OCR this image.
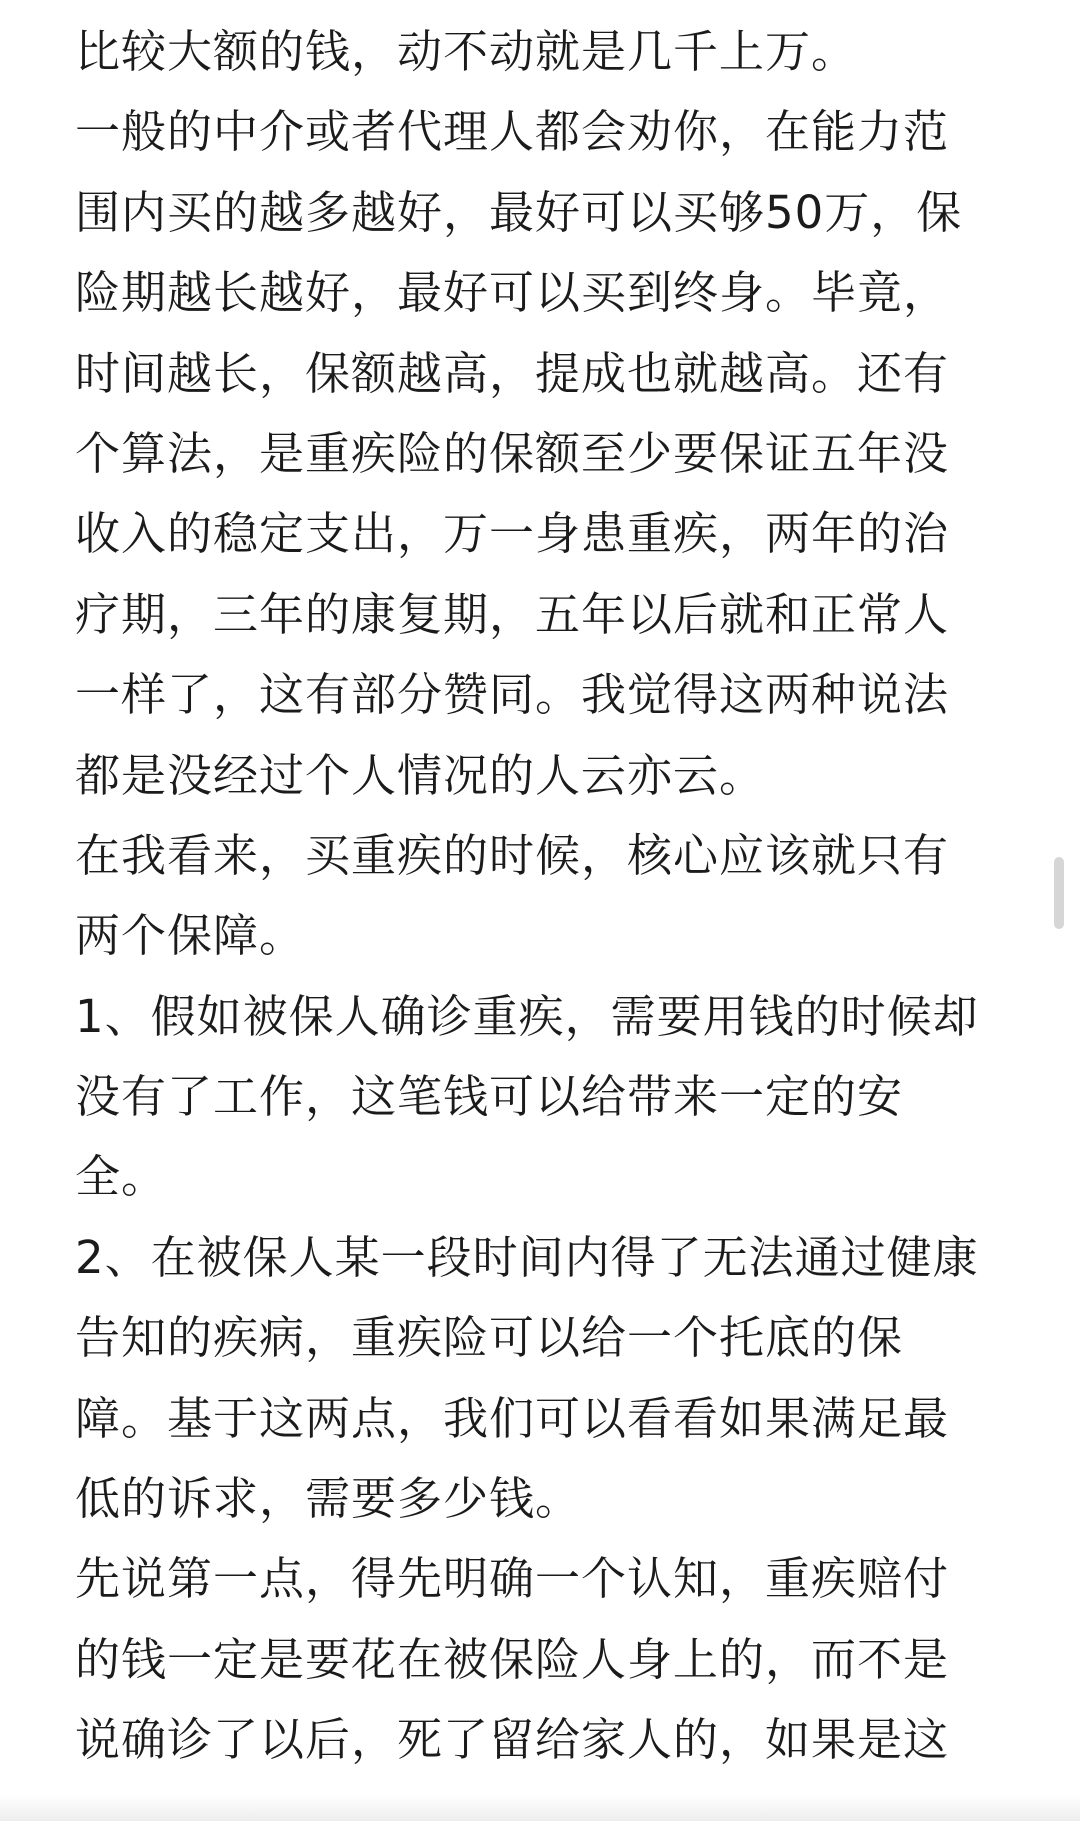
比较大额的钱，动不动就是几千上万。
一般的中介或者代理人都会劝你，在能力范
围内买的越多越好，最好可以买够50万，保
险期越长越好，最好可以买到终身。毕竟，
时间越长，保额越高，提成也就越高。还有
个算法，是重疾险的保额至少要保证五年没
收入的稳定支出，万一身患重疾，两年的治
疗期，三年的康复期，五年以后就和正常人
一样了，这有部分赞同。我觉得这两种说法
都是没经过个人情况的人云亦云。
在我看来，买重疾的时候，核心应该就只有
两个保障。
1、假如被保人确诊重疾，需要用钱的时候却
没有了工作，这笔钱可以给带来一定的安
全。
2、在被保人某一段时间内得了无法通过健康
告知的疾病，重疾险可以给一个托底的保
障。基于这两点，我们可以看看如果满足最
低的诉求，需要多少钱。
先说第一点，得先明确一个认知，重疾赔付
的钱一定是要花在被保险人身上的，而不是
说确诊了以后，死了留给家人的，如果是这
